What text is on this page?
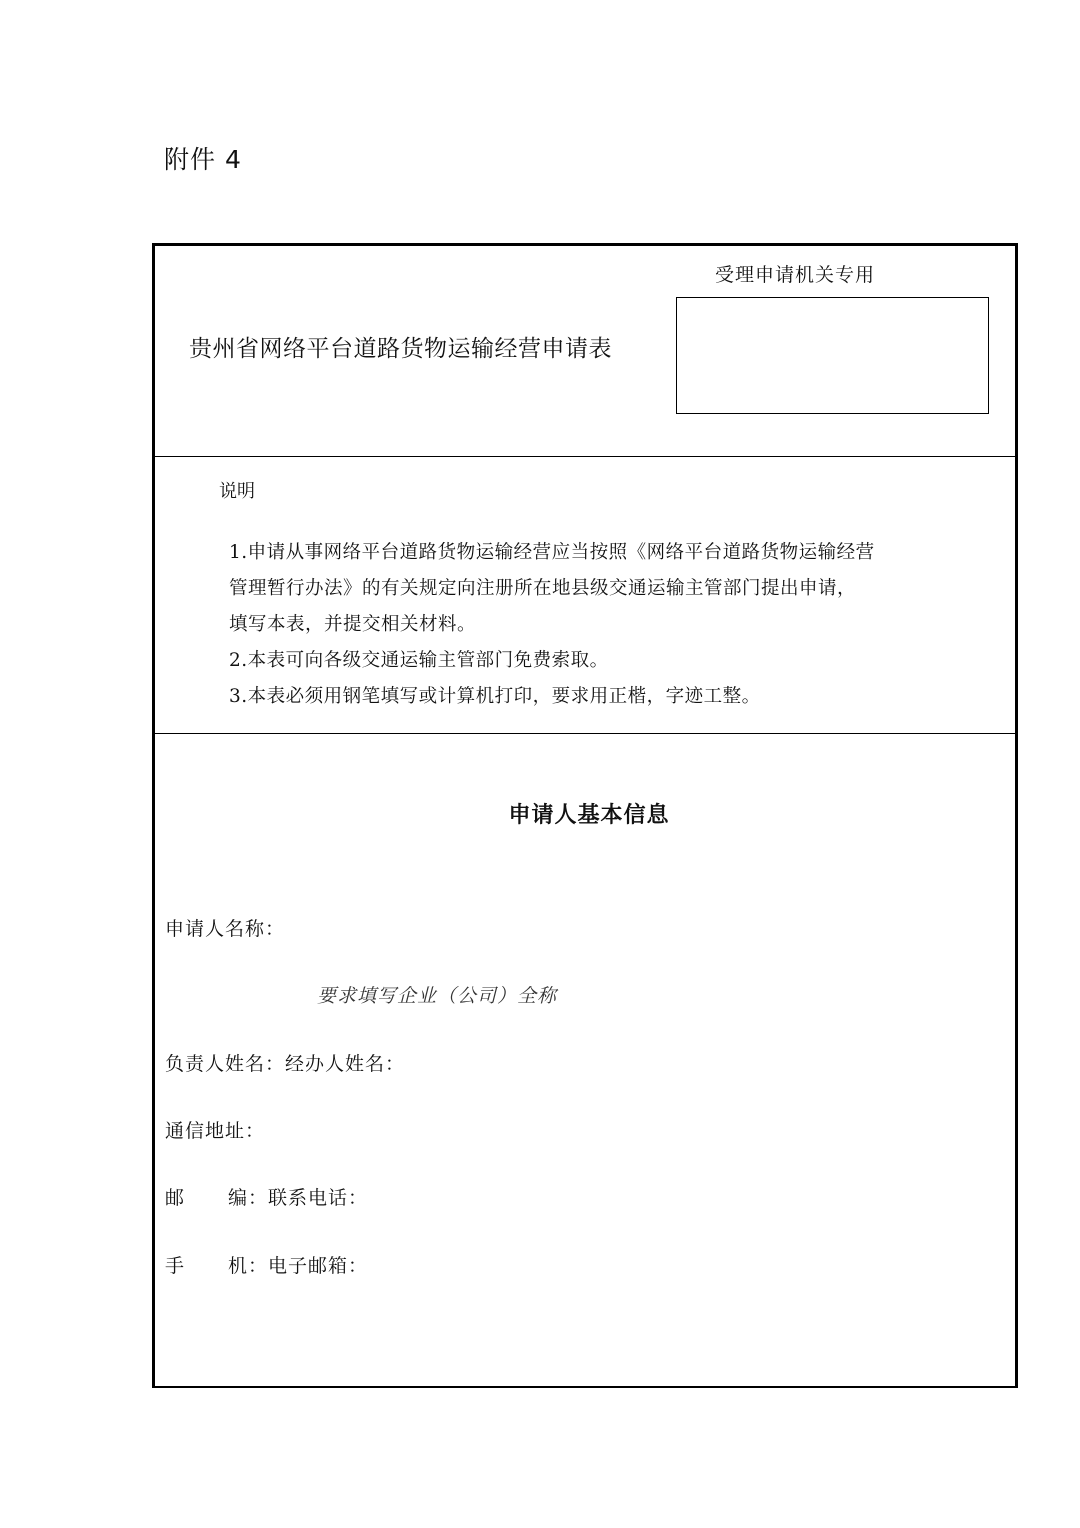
附件 4
贵州省网络平台道路货物运输经营申请表
受理申请机关专用
说明
1.申请从事网络平台道路货物运输经营应当按照《网络平台道路货物运输经营
管理暂行办法》的有关规定向注册所在地县级交通运输主管部门提出申请，
填写本表，并提交相关材料。
2.本表可向各级交通运输主管部门免费索取。
3.本表必须用钢笔填写或计算机打印，要求用正楷，字迹工整。
申请人基本信息
申请人名称：
要求填写企业（公司）全称
负责人姓名：经办人姓名：
通信地址：
邮 编：联系电话：
手 机：电子邮箱：
